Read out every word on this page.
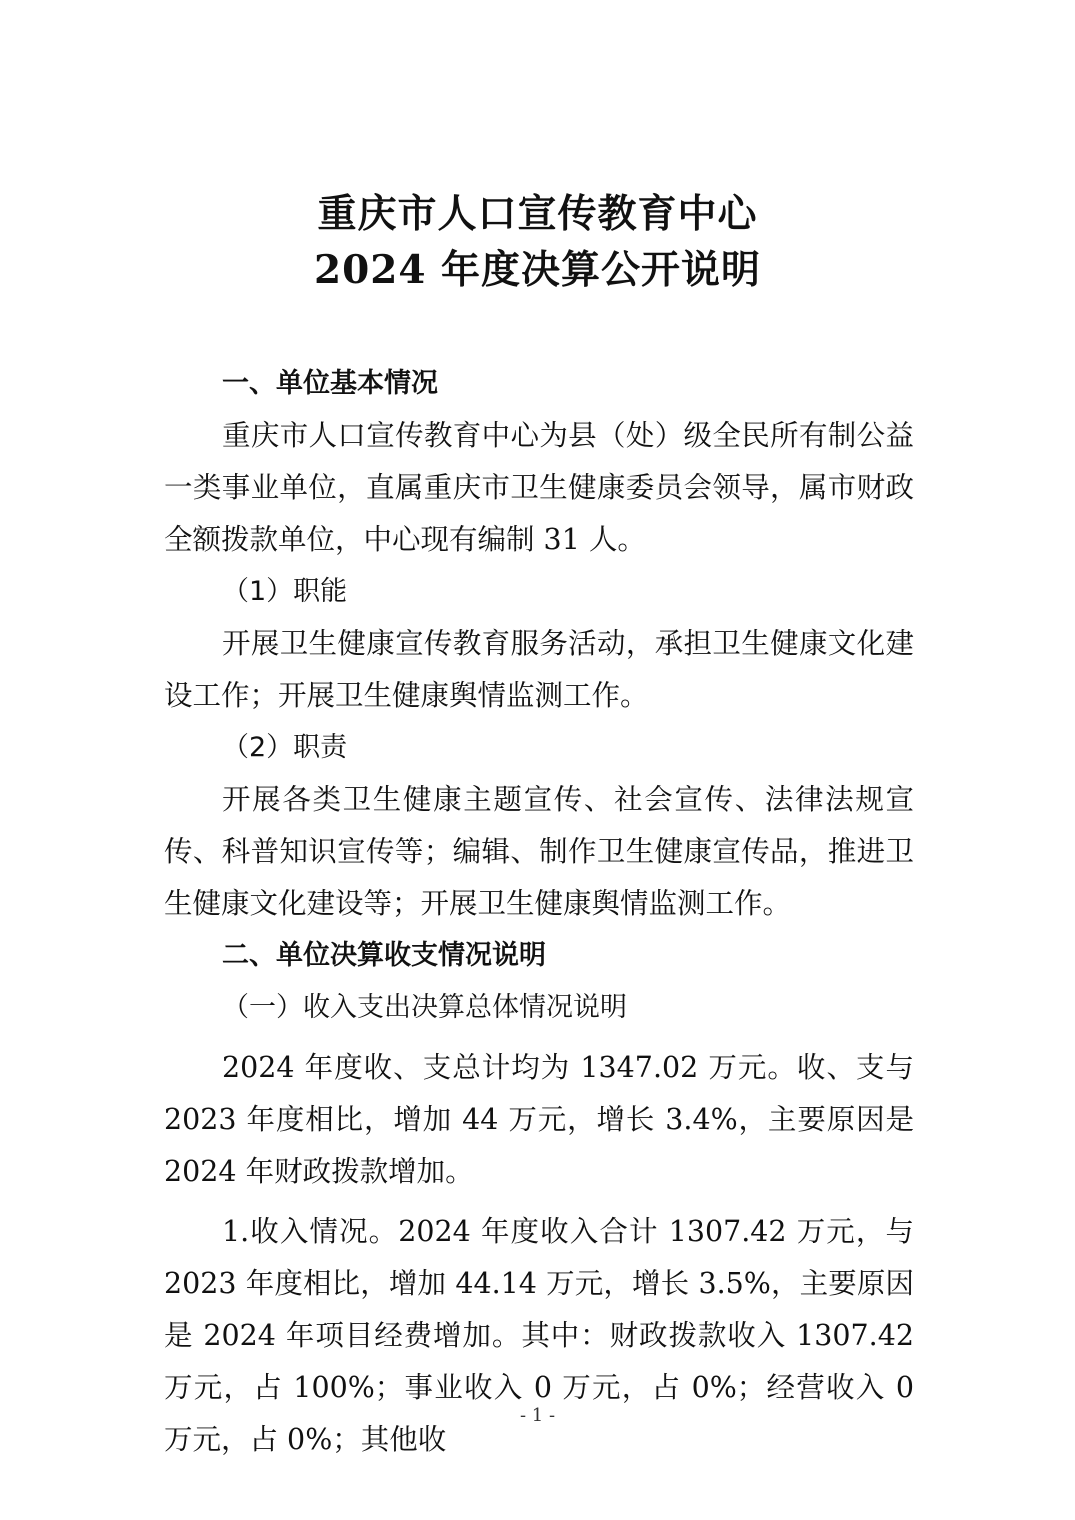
重庆市人口宣传教育中心
2024 年度决算公开说明

一、单位基本情况

重庆市人口宣传教育中心为县（处）级全民所有制公益一类事业单位，直属重庆市卫生健康委员会领导，属市财政全额拨款单位，中心现有编制 31 人。

（1）职能

开展卫生健康宣传教育服务活动，承担卫生健康文化建设工作；开展卫生健康舆情监测工作。

（2）职责

开展各类卫生健康主题宣传、社会宣传、法律法规宣传、科普知识宣传等；编辑、制作卫生健康宣传品，推进卫生健康文化建设等；开展卫生健康舆情监测工作。

二、单位决算收支情况说明

（一）收入支出决算总体情况说明

2024 年度收、支总计均为 1347.02 万元。收、支与 2023 年度相比，增加 44 万元，增长 3.4%，主要原因是 2024 年财政拨款增加。

1.收入情况。2024 年度收入合计 1307.42 万元，与 2023 年度相比，增加 44.14 万元，增长 3.5%，主要原因是 2024 年项目经费增加。其中：财政拨款收入 1307.42 万元，占 100%；事业收入 0 万元，占 0%；经营收入 0 万元，占 0%；其他收

- 1 -
